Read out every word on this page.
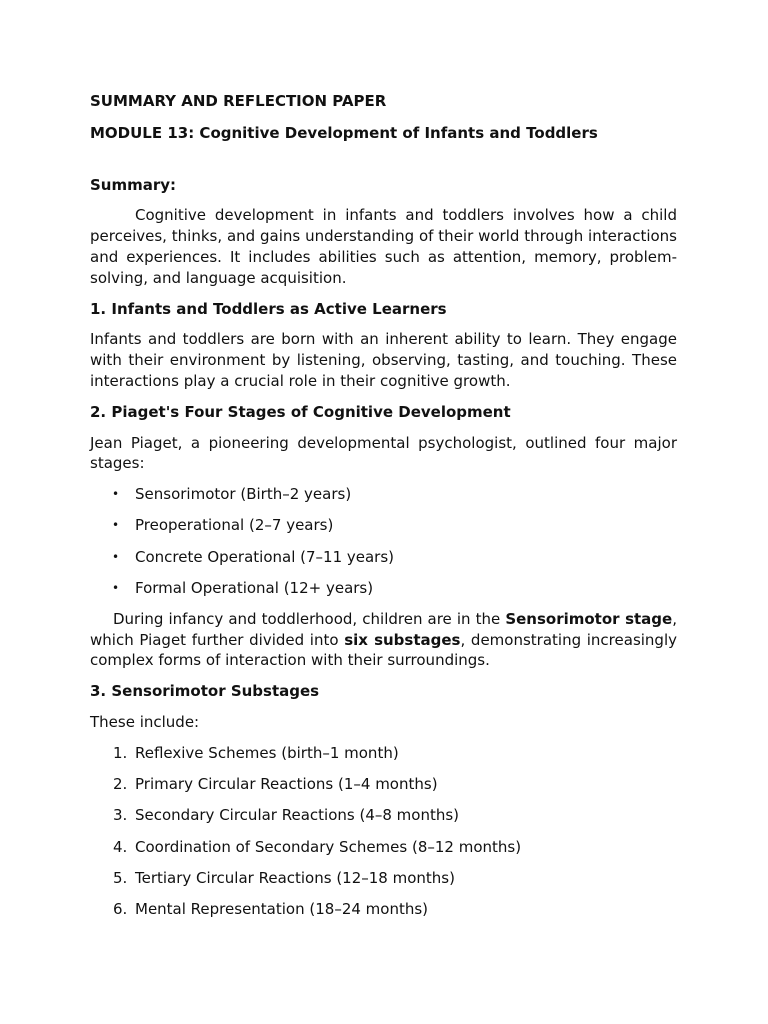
SUMMARY AND REFLECTION PAPER

MODULE 13: Cognitive Development of Infants and Toddlers

Summary:

Cognitive development in infants and toddlers involves how a child perceives, thinks, and gains understanding of their world through interactions and experiences. It includes abilities such as attention, memory, problem-solving, and language acquisition.

1. Infants and Toddlers as Active Learners

Infants and toddlers are born with an inherent ability to learn. They engage with their environment by listening, observing, tasting, and touching. These interactions play a crucial role in their cognitive growth.

2. Piaget's Four Stages of Cognitive Development

Jean Piaget, a pioneering developmental psychologist, outlined four major stages:

• Sensorimotor (Birth–2 years)
• Preoperational (2–7 years)
• Concrete Operational (7–11 years)
• Formal Operational (12+ years)

During infancy and toddlerhood, children are in the Sensorimotor stage, which Piaget further divided into six substages, demonstrating increasingly complex forms of interaction with their surroundings.

3. Sensorimotor Substages

These include:

1. Reflexive Schemes (birth–1 month)
2. Primary Circular Reactions (1–4 months)
3. Secondary Circular Reactions (4–8 months)
4. Coordination of Secondary Schemes (8–12 months)
5. Tertiary Circular Reactions (12–18 months)
6. Mental Representation (18–24 months)
